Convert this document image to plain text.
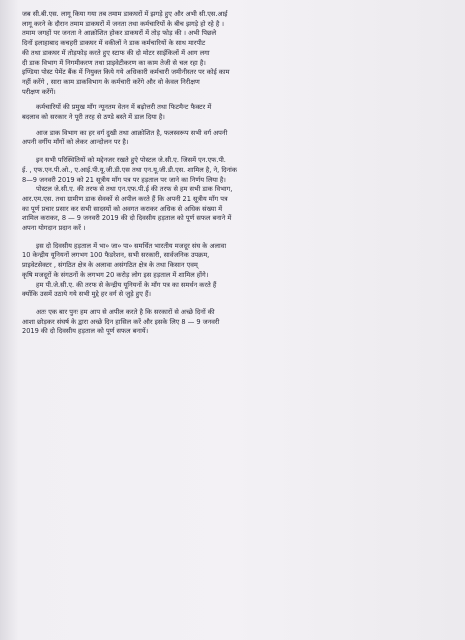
जब सी.बी.एस. लागू किया गया तब तमाम डाकघरों में झगड़े हुए और अभी सी.एस.आई
लागू करने के दौरान तमाम डाकघरों में जनता तथा कर्मचारियों के बीच झगड़े हो रहे है ।
तमाम जगहों पर जनता ने आक्रोशित होकर डाकघरों में तोड़ फोड़ की । अभी पिछले
दिनों इलाहाबाद कचहरी डाकघर में वकीलों ने डाक कर्मचारियों के साथ मारपीट
की तथा डाकघर में तोड़फोड़ करते हुए स्टाफ की दो मोटर साईकिलों में आग लगा
दी डाक विभाग में निगमीकरण तथा प्राइवेटीकरण का काम तेजी से चल रहा है।
इण्डिया पोस्ट पेमेंट बैंक में नियुक्त किये गये अधिकारी कर्मचारी जमीनीस्तर पर कोई काम
नहीं करेंगे , सारा काम डाकविभाग के कर्मचारी करेंगे और वो केवल निरीक्षण
परीक्षण करेंगें।
कर्मचारियों की प्रमुख माँग न्यूनतम वेतन में बढ़ोत्तरी तथा फिटमैन्ट फैक्टर में
बदलाव को सरकार ने पूरी तरह से ठण्डे बस्ते में डाल दिया है।
आज डाक विभाग का हर वर्ग दुखी तथा आक्रोशित है, फलस्वरूप सभी वर्ग अपनी
अपनी वर्गीय माँगों को लेकर आन्दोलन पर है।
इन सभी परिस्थितियों को मद्देनजर रखते हुऐ पोस्टल जे.सी.ए. जिसमें एन.एफ.पी.
ई. , एफ.एन.पी.ओ., ए.आई.पी.यू.जी.डी.एस तथा एन.यू.जी.डी.एस. शामिल है, ने, दिनांक
8—9 जनवरी 2019 को 21 सूत्रीय माँग पत्र पर हड़ताल पर जाने का निर्णय लिया है।
पोस्टल जे.सी.ए. की तरफ से तथा एन.एफ.पी.ई की तरफ से हम सभी डाक विभाग,
आर.एम.एस. तथा ग्रामीण डाक सेवकों से अपील करते हैं कि अपनी 21 सूत्रीय माँग पत्र
का पूर्ण प्रचार प्रसार कर सभी सादस्यों को अवगत कराकर अधिक से अधिक संख्या में
शामिल कराकर, 8 — 9 जनवरी 2019 की दो दिवसीय हड़ताल को पूर्ण सफल बनाने में
अपना योगदान प्रदान करें ।
इस दो दिवसीय हड़ताल में भा० जा० पा० समर्थित भारतीय मजदूर संघ के अलावा
10 केन्द्रीय यूनियनों लगभग 100 फैडरेशन, सभी सरकारी, सार्वजनिक उपक्रम,
प्राइवेटसेक्टर , संगठित क्षेत्र के अलावा असंगठित क्षेत्र के तथा किसान एवम्
कृषि मजदूरों के संगठनों के लगभग 20 करोड़ लोग इस हड़ताल में शामिल होंगे।
हम पी.जे.सी.ए. की तरफ से केन्द्रीय यूनियनों के माँग पत्र का समर्थन करते हैं
क्योंकि उसमें उठाये गये सभी मुद्दे हर वर्ग से जुड़े हुए हैं।
अतः एक बार पुनः हम आप से अपील करते है कि सरकारों से अच्छे दिनों की
आशा छोड़कर संघर्ष के द्वारा अच्छे दिन हासिल करें और इसके लिए 8 — 9 जनवरी
2019 की दो दिवसीय हड़ताल को पूर्ण सफल बनायें।
